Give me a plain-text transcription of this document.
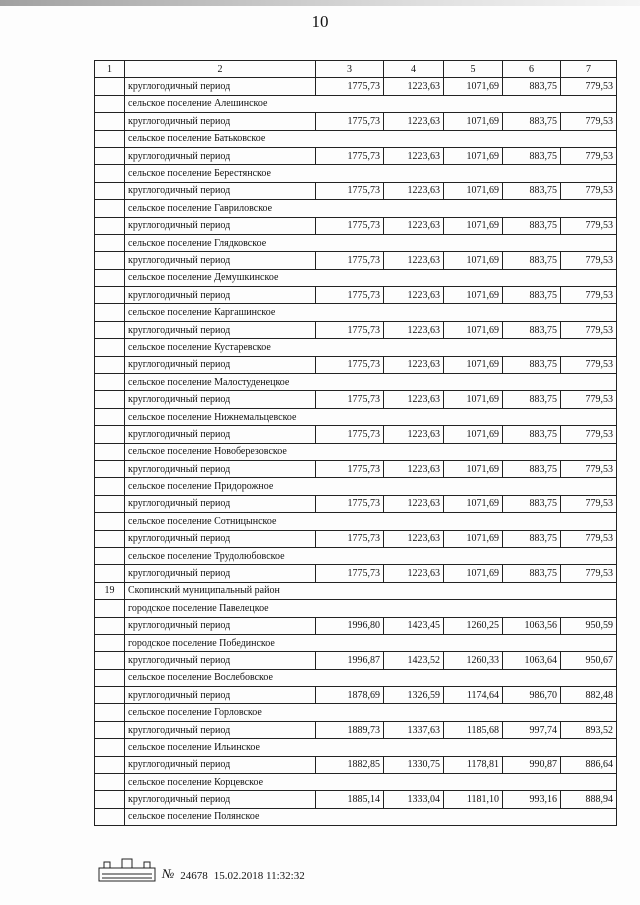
10
1	2	3	4	5	6	7
	круглогодичный период	1775,73	1223,63	1071,69	883,75	779,53
	сельское поселение Алешинское					
	круглогодичный период	1775,73	1223,63	1071,69	883,75	779,53
	сельское поселение Батьковское					
	круглогодичный период	1775,73	1223,63	1071,69	883,75	779,53
	сельское поселение Берестянское					
	круглогодичный период	1775,73	1223,63	1071,69	883,75	779,53
	сельское поселение Гавриловское					
	круглогодичный период	1775,73	1223,63	1071,69	883,75	779,53
	сельское поселение Глядковское					
	круглогодичный период	1775,73	1223,63	1071,69	883,75	779,53
	сельское поселение Демушкинское					
	круглогодичный период	1775,73	1223,63	1071,69	883,75	779,53
	сельское поселение Каргашинское					
	круглогодичный период	1775,73	1223,63	1071,69	883,75	779,53
	сельское поселение Кустаревское					
	круглогодичный период	1775,73	1223,63	1071,69	883,75	779,53
	сельское поселение Малостуденецкое					
	круглогодичный период	1775,73	1223,63	1071,69	883,75	779,53
	сельское поселение Нижнемальцевское					
	круглогодичный период	1775,73	1223,63	1071,69	883,75	779,53
	сельское поселение Новоберезовское					
	круглогодичный период	1775,73	1223,63	1071,69	883,75	779,53
	сельское поселение Придорожное					
	круглогодичный период	1775,73	1223,63	1071,69	883,75	779,53
	сельское поселение Сотницынское					
	круглогодичный период	1775,73	1223,63	1071,69	883,75	779,53
	сельское поселение Трудолюбовское					
	круглогодичный период	1775,73	1223,63	1071,69	883,75	779,53
19	Скопинский муниципальный район					
	городское поселение Павелецкое					
	круглогодичный период	1996,80	1423,45	1260,25	1063,56	950,59
	городское поселение Побединское					
	круглогодичный период	1996,87	1423,52	1260,33	1063,64	950,67
	сельское поселение Вослебовское					
	круглогодичный период	1878,69	1326,59	1174,64	986,70	882,48
	сельское поселение Горловское					
	круглогодичный период	1889,73	1337,63	1185,68	997,74	893,52
	сельское поселение Ильинское					
	круглогодичный период	1882,85	1330,75	1178,81	990,87	886,64
	сельское поселение Корцевское					
	круглогодичный период	1885,14	1333,04	1181,10	993,16	888,94
	сельское поселение Полянское					
№ 24678 15.02.2018 11:32:32
